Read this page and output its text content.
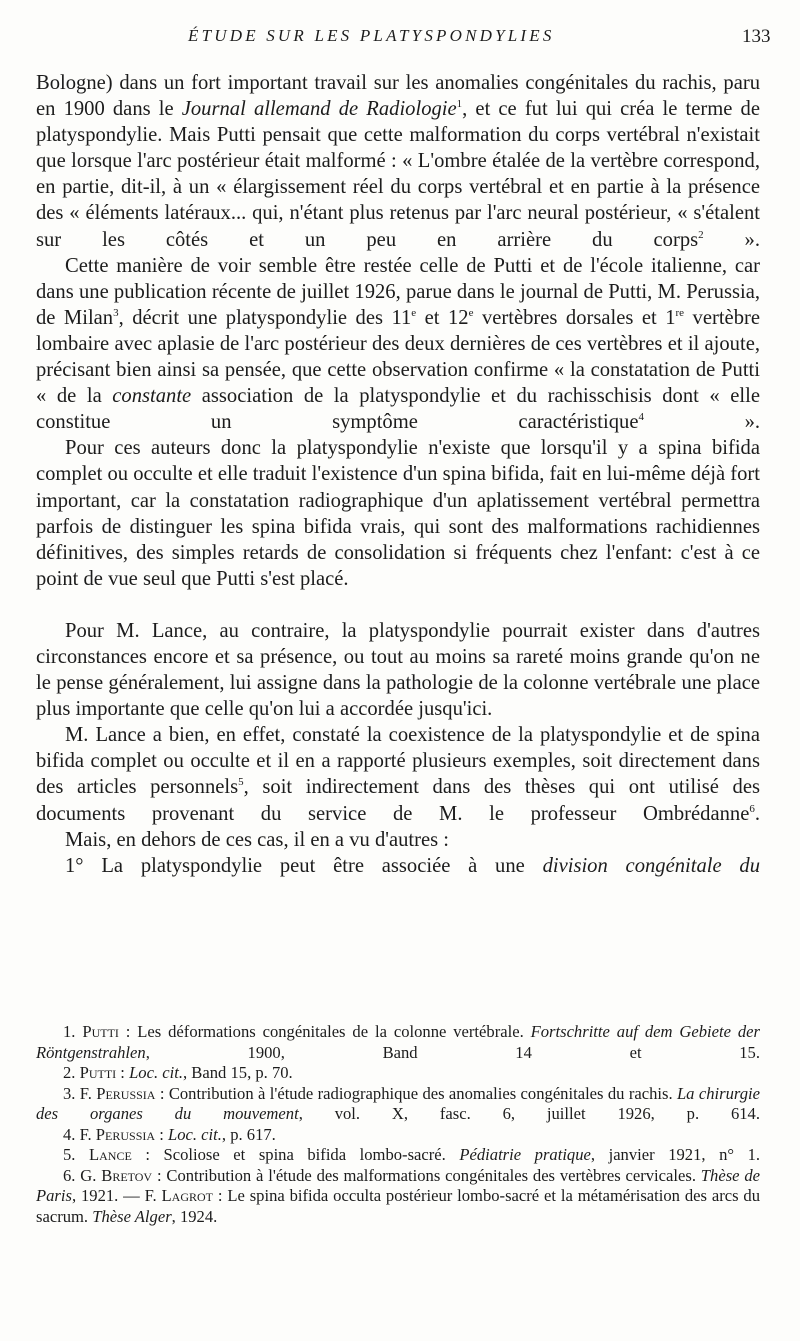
ÉTUDE SUR LES PLATYSPONDYLIES	133

Bologne) dans un fort important travail sur les anomalies congénitales du rachis, paru en 1900 dans le Journal allemand de Radiologie$^1$, et ce fut lui qui créa le terme de platyspondylie. Mais Putti pensait que cette malformation du corps vertébral n'existait que lorsque l'arc postérieur était malformé : « L'ombre étalée de la vertèbre correspond, en partie, dit-il, à un « élargissement réel du corps vertébral et en partie à la présence des « éléments latéraux... qui, n'étant plus retenus par l'arc neural postérieur, « s'étalent sur les côtés et un peu en arrière du corps$^2$ ».

Cette manière de voir semble être restée celle de Putti et de l'école italienne, car dans une publication récente de juillet 1926, parue dans le journal de Putti, M. Perussia, de Milan$^3$, décrit une platyspondylie des 11e et 12e vertèbres dorsales et 1re vertèbre lombaire avec aplasie de l'arc postérieur des deux dernières de ces vertèbres et il ajoute, précisant bien ainsi sa pensée, que cette observation confirme « la constatation de Putti « de la constante association de la platyspondylie et du rachisschisis dont « elle constitue un symptôme caractéristique$^4$ ».

Pour ces auteurs donc la platyspondylie n'existe que lorsqu'il y a spina bifida complet ou occulte et elle traduit l'existence d'un spina bifida, fait en lui-même déjà fort important, car la constatation radiographique d'un aplatissement vertébral permettra parfois de distinguer les spina bifida vrais, qui sont des malformations rachidiennes définitives, des simples retards de consolidation si fréquents chez l'enfant: c'est à ce point de vue seul que Putti s'est placé.

Pour M. Lance, au contraire, la platyspondylie pourrait exister dans d'autres circonstances encore et sa présence, ou tout au moins sa rareté moins grande qu'on ne le pense généralement, lui assigne dans la pathologie de la colonne vertébrale une place plus importante que celle qu'on lui a accordée jusqu'ici.

M. Lance a bien, en effet, constaté la coexistence de la platyspondylie et de spina bifida complet ou occulte et il en a rapporté plusieurs exemples, soit directement dans des articles personnels$^5$, soit indirectement dans des thèses qui ont utilisé des documents provenant du service de M. le professeur Ombrédanne$^6$.

Mais, en dehors de ces cas, il en a vu d'autres :

1° La platyspondylie peut être associée à une division congénitale du

1. Putti : Les déformations congénitales de la colonne vertébrale. Fortschritte auf dem Gebiete der Röntgenstrahlen, 1900, Band 14 et 15.

2. Putti : Loc. cit., Band 15, p. 70.

3. F. Perussia : Contribution à l'étude radiographique des anomalies congénitales du rachis. La chirurgie des organes du mouvement, vol. X, fasc. 6, juillet 1926, p. 614.

4. F. Perussia : Loc. cit., p. 617.

5. Lance : Scoliose et spina bifida lombo-sacré. Pédiatrie pratique, janvier 1921, n° 1.

6. G. Bretov : Contribution à l'étude des malformations congénitales des vertèbres cervicales. Thèse de Paris, 1921. — F. Lagrot : Le spina bifida occulta postérieur lombo-sacré et la métamérisation des arcs du sacrum. Thèse Alger, 1924.
